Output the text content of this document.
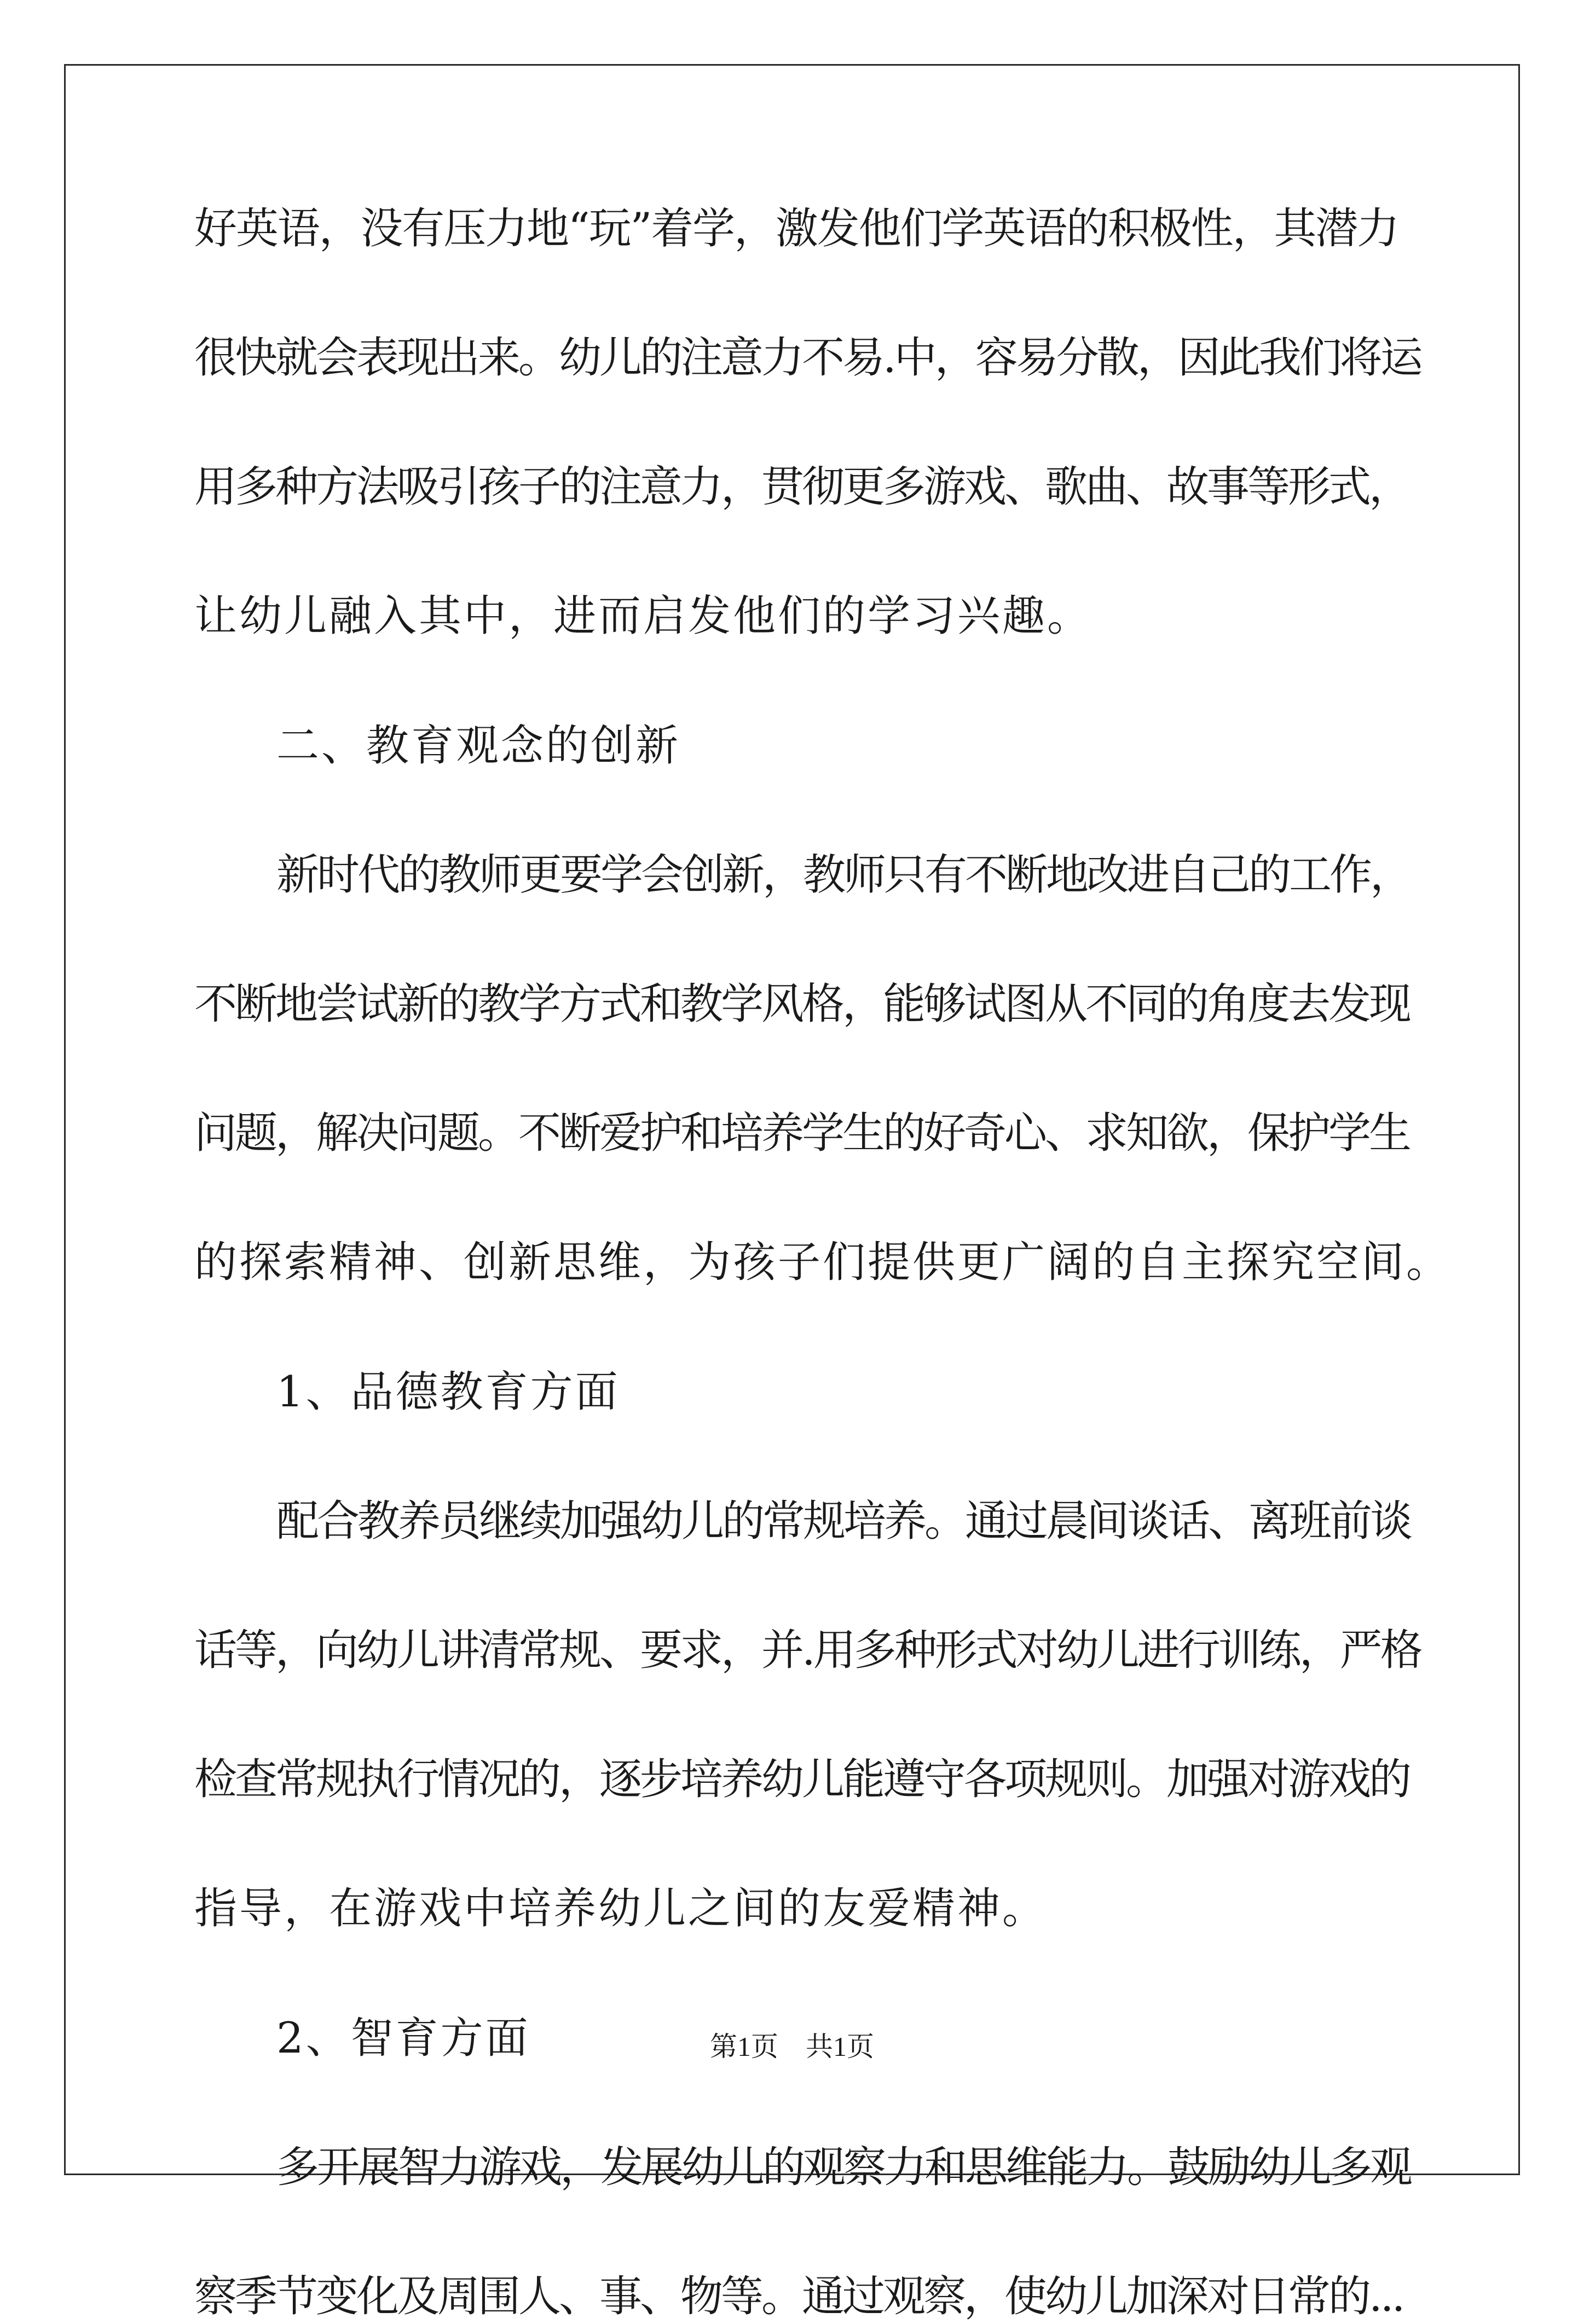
好英语，没有压力地“玩”着学，激发他们学英语的积极性，其潜力
很快就会表现出来。幼儿的注意力不易.中，容易分散，因此我们将运
用多种方法吸引孩子的注意力，贯彻更多游戏、歌曲、故事等形式，
让幼儿融入其中，进而启发他们的学习兴趣。
二、教育观念的创新
新时代的教师更要学会创新，教师只有不断地改进自己的工作，
不断地尝试新的教学方式和教学风格，能够试图从不同的角度去发现
问题，解决问题。不断爱护和培养学生的好奇心、求知欲，保护学生
的探索精神、创新思维，为孩子们提供更广阔的自主探究空间。
1、品德教育方面
配合教养员继续加强幼儿的常规培养。通过晨间谈话、离班前谈
话等，向幼儿讲清常规、要求，并.用多种形式对幼儿进行训练，严格
检查常规执行情况的，逐步培养幼儿能遵守各项规则。加强对游戏的
指导，在游戏中培养幼儿之间的友爱精神。
2、智育方面
多开展智力游戏，发展幼儿的观察力和思维能力。鼓励幼儿多观
察季节变化及周围人、事、物等。通过观察，使幼儿加深对日常的...
第1页　共1页
